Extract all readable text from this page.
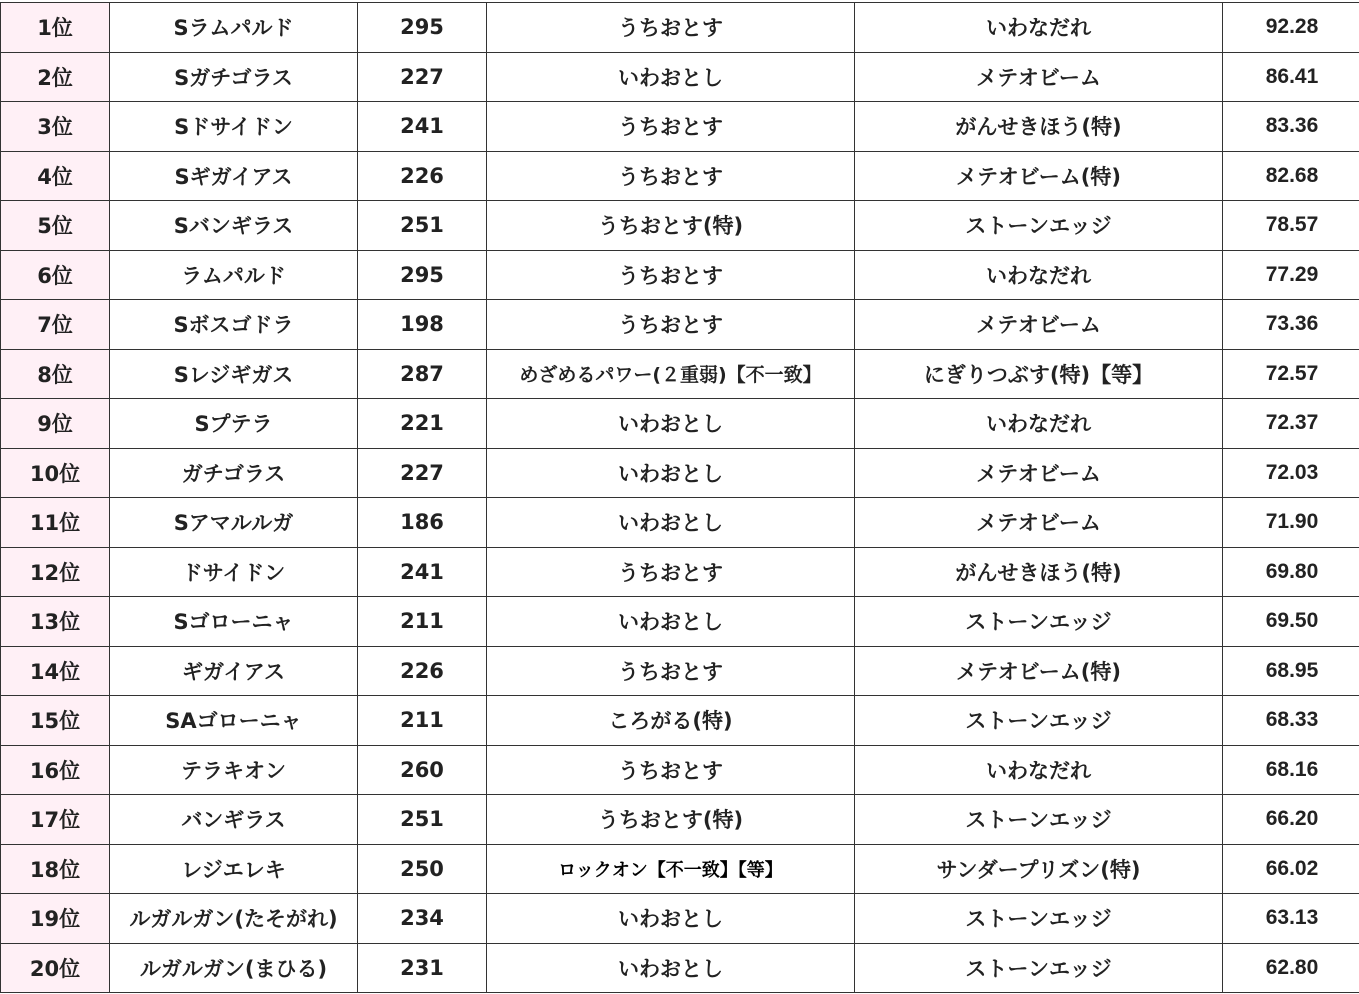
1位	Sラムパルド	295	うちおとす	いわなだれ	92.28
2位	Sガチゴラス	227	いわおとし	メテオビーム	86.41
3位	Sドサイドン	241	うちおとす	がんせきほう(特)	83.36
4位	Sギガイアス	226	うちおとす	メテオビーム(特)	82.68
5位	Sバンギラス	251	うちおとす(特)	ストーンエッジ	78.57
6位	ラムパルド	295	うちおとす	いわなだれ	77.29
7位	Sボスゴドラ	198	うちおとす	メテオビーム	73.36
8位	Sレジギガス	287	めざめるパワー(２重弱)【不一致】	にぎりつぶす(特)【等】	72.57
9位	Sプテラ	221	いわおとし	いわなだれ	72.37
10位	ガチゴラス	227	いわおとし	メテオビーム	72.03
11位	Sアマルルガ	186	いわおとし	メテオビーム	71.90
12位	ドサイドン	241	うちおとす	がんせきほう(特)	69.80
13位	Sゴローニャ	211	いわおとし	ストーンエッジ	69.50
14位	ギガイアス	226	うちおとす	メテオビーム(特)	68.95
15位	SAゴローニャ	211	ころがる(特)	ストーンエッジ	68.33
16位	テラキオン	260	うちおとす	いわなだれ	68.16
17位	バンギラス	251	うちおとす(特)	ストーンエッジ	66.20
18位	レジエレキ	250	ロックオン【不一致】【等】	サンダープリズン(特)	66.02
19位	ルガルガン(たそがれ)	234	いわおとし	ストーンエッジ	63.13
20位	ルガルガン(まひる)	231	いわおとし	ストーンエッジ	62.80
